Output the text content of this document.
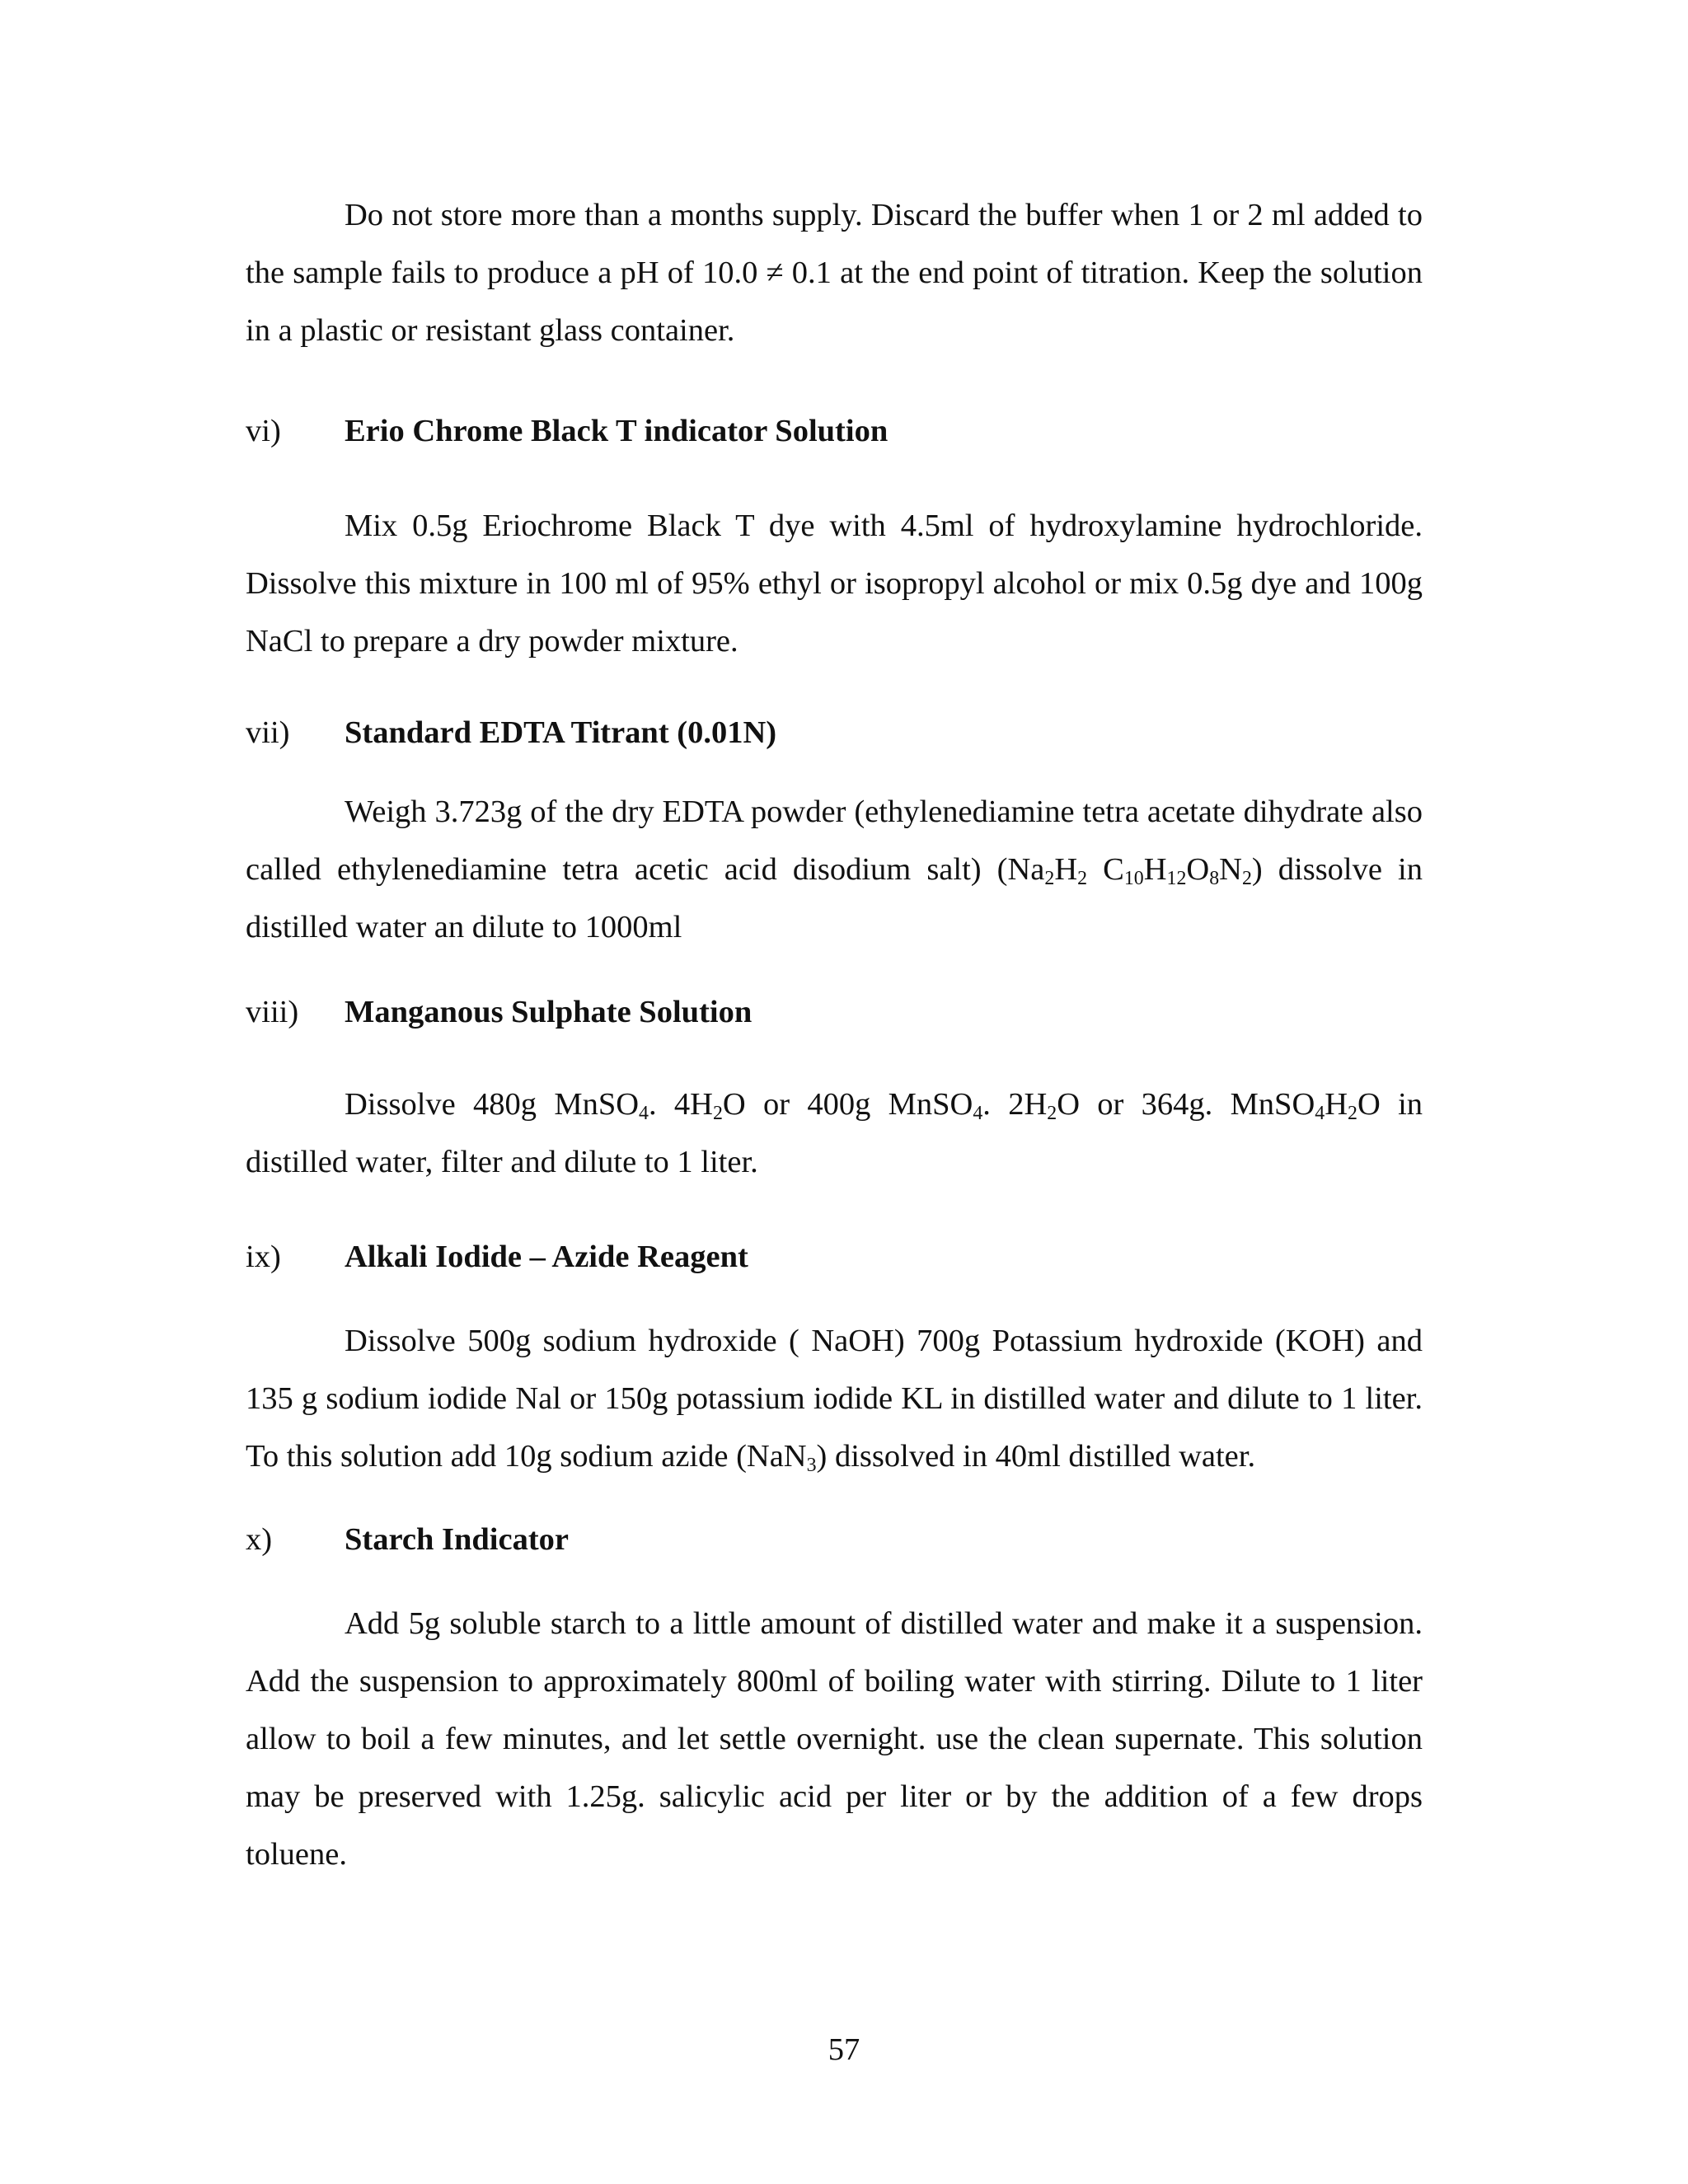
Do not store more than a months supply. Discard the buffer when 1 or 2 ml added to the sample fails to produce a pH of 10.0 ≠ 0.1 at the end point of titration. Keep the solution in a plastic or resistant glass container.

vi) Erio Chrome Black T indicator Solution

Mix 0.5g Eriochrome Black T dye with 4.5ml of hydroxylamine hydrochloride. Dissolve this mixture in 100 ml of 95% ethyl or isopropyl alcohol or mix 0.5g dye and 100g NaCl to prepare a dry powder mixture.

vii) Standard EDTA Titrant (0.01N)

Weigh 3.723g of the dry EDTA powder (ethylenediamine tetra acetate dihydrate also called ethylenediamine tetra acetic acid disodium salt) ($Na_2H_2$ $C_{10}H_{12}O_8N_2$) dissolve in distilled water an dilute to 1000ml

viii) Manganous Sulphate Solution

Dissolve 480g MnSO$_4$. $4H_2O$ or 400g MnSO$_4$. $2H_2O$ or 364g. $MnSO_4H_2O$ in distilled water, filter and dilute to 1 liter.

ix) Alkali Iodide – Azide Reagent

Dissolve 500g sodium hydroxide ( NaOH) 700g Potassium hydroxide (KOH) and 135 g sodium iodide Nal or 150g potassium iodide KL in distilled water and dilute to 1 liter. To this solution add 10g sodium azide (NaN$_3$) dissolved in 40ml distilled water.

x) Starch Indicator

Add 5g soluble starch to a little amount of distilled water and make it a suspension. Add the suspension to approximately 800ml of boiling water with stirring. Dilute to 1 liter allow to boil a few minutes, and let settle overnight. use the clean supernate. This solution may be preserved with 1.25g. salicylic acid per liter or by the addition of a few drops toluene.

57
